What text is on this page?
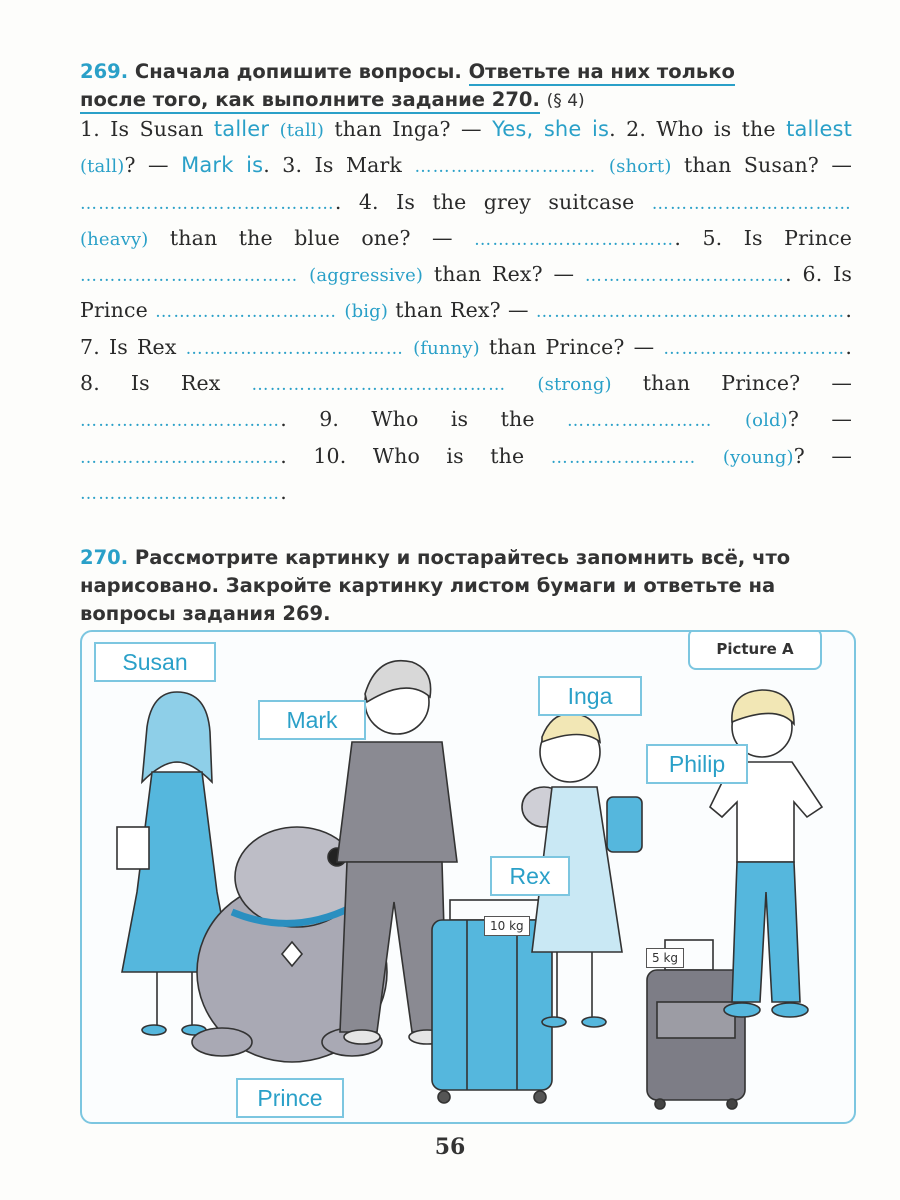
269. Сначала допишите вопросы. Ответьте на них только
после того, как выполните задание 270. (§ 4)
1. Is Susan taller (tall) than Inga? — Yes, she is. 2. Who is the tallest (tall)? — Mark is. 3. Is Mark ………………………… (short) than Susan? — ……………………………………. 4. Is the grey suitcase …………………………… (heavy) than the blue one? — ……………………………. 5. Is Prince ……………………………… (aggressive) than Rex? — ……………………………. 6. Is Prince ………………………… (big) than Rex? — ……………………………………………. 7. Is Rex ……………………………… (funny) than Prince? — …………………………. 8. Is Rex …………………………………… (strong) than Prince? — ……………………………. 9. Who is the …………………… (old)? — ……………………………. 10. Who is the …………………… (young)? — …………………………….
270. Рассмотрите картинку и постарайтесь запомнить всё, что нарисовано. Закройте картинку листом бумаги и ответьте на вопросы задания 269.
Picture A
Susan
Mark
Inga
Philip
Rex
Prince
10 kg
5 kg
56
